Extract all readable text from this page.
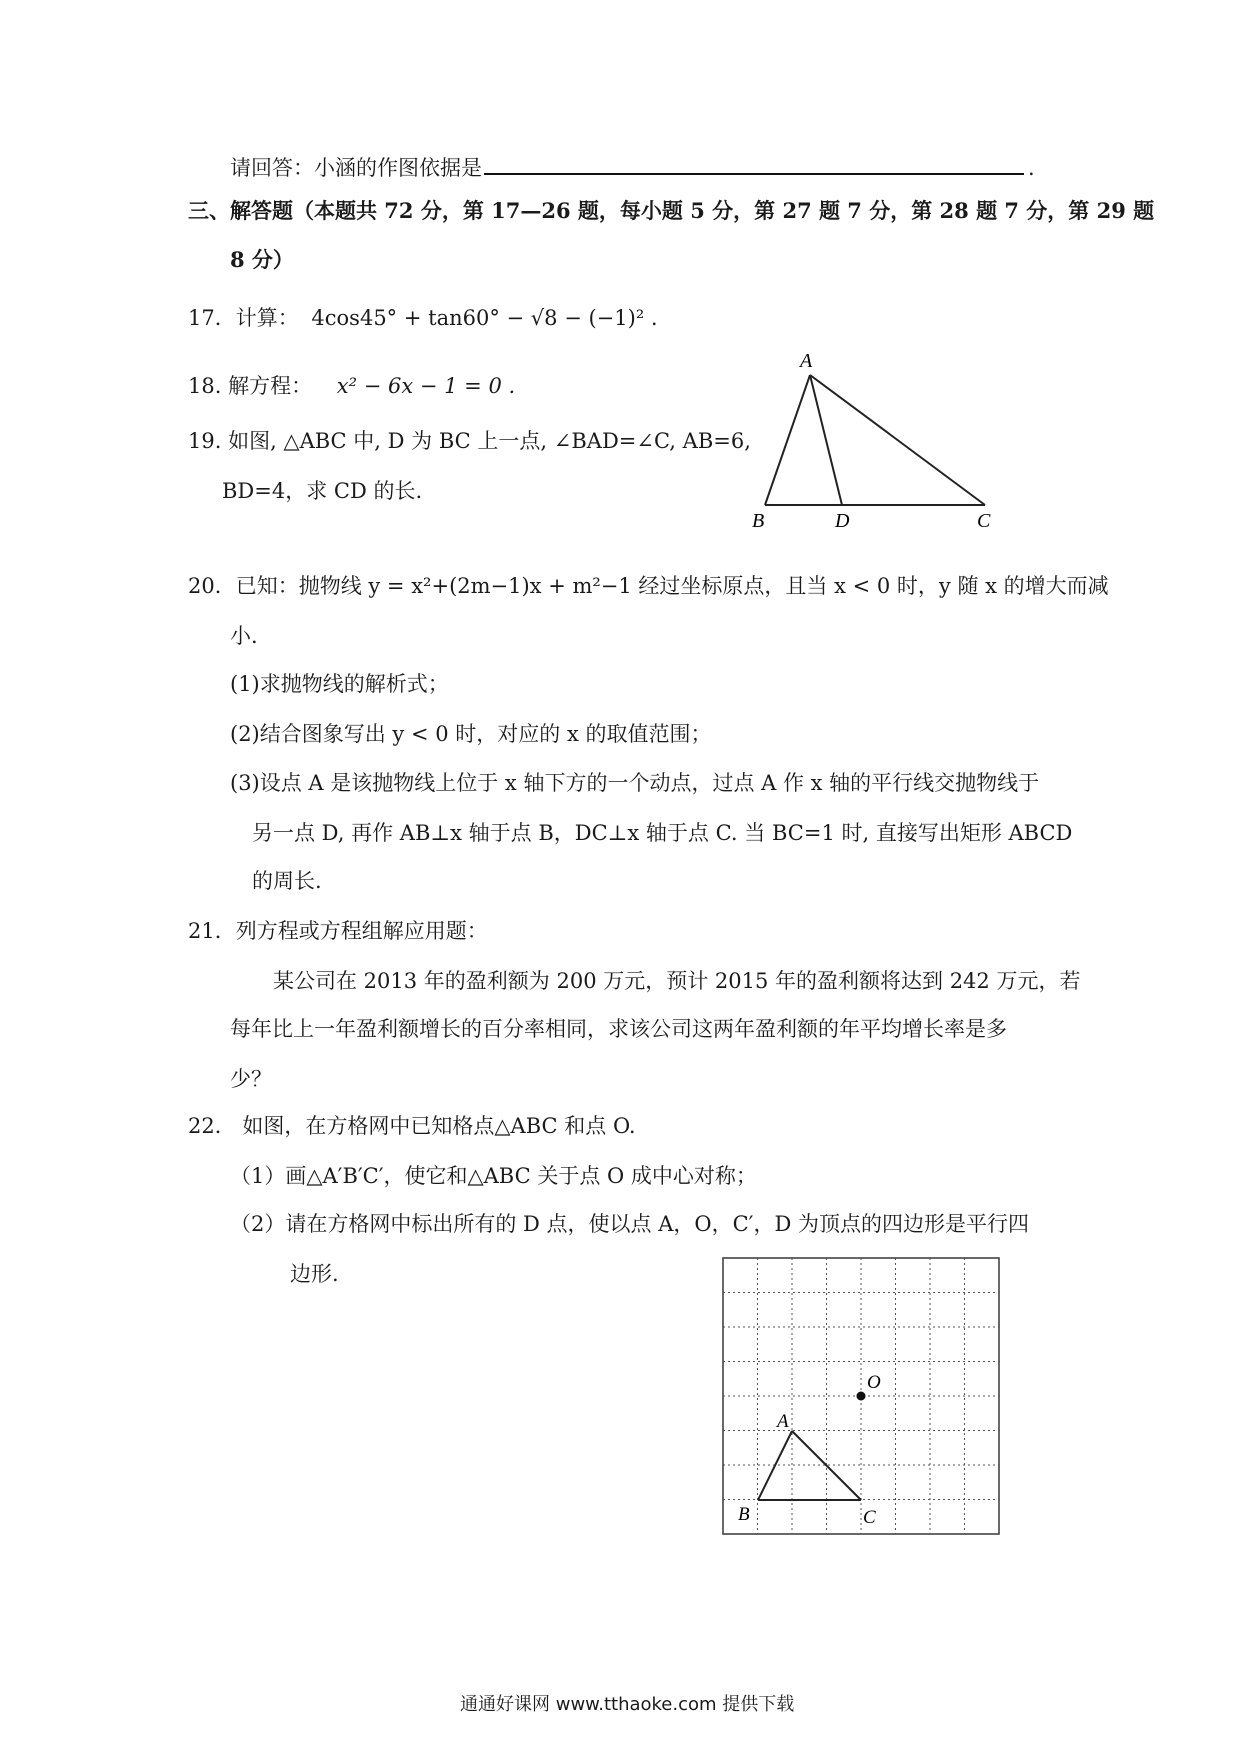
请回答：小涵的作图依据是	.
三、解答题（本题共 72 分，第 17—26 题，每小题 5 分，第 27 题 7 分，第 28 题 7 分，第 29 题
8 分）
17．计算： 4cos45° + tan60° − √8 − (−1)² .
18. 解方程： x² − 6x − 1 = 0 .
19. 如图, △ABC 中, D 为 BC 上一点, ∠BAD=∠C, AB=6,
BD=4，求 CD 的长.
A
B	D	C
20．已知：抛物线 y = x²+(2m−1)x + m²−1 经过坐标原点，且当 x < 0 时，y 随 x 的增大而减
小.
(1)求抛物线的解析式；
(2)结合图象写出 y < 0 时，对应的 x 的取值范围；
(3)设点 A 是该抛物线上位于 x 轴下方的一个动点，过点 A 作 x 轴的平行线交抛物线于
另一点 D, 再作 AB⊥x 轴于点 B，DC⊥x 轴于点 C. 当 BC=1 时, 直接写出矩形 ABCD
的周长.
21．列方程或方程组解应用题：
某公司在 2013 年的盈利额为 200 万元，预计 2015 年的盈利额将达到 242 万元，若
每年比上一年盈利额增长的百分率相同，求该公司这两年盈利额的年平均增长率是多
少？
22． 如图，在方格网中已知格点△ABC 和点 O.
（1）画△A′B′C′，使它和△ABC 关于点 O 成中心对称；
（2）请在方格网中标出所有的 D 点，使以点 A，O，C′，D 为顶点的四边形是平行四
边形.
O
A
B	C
通通好课网 www.tthaoke.com 提供下载
